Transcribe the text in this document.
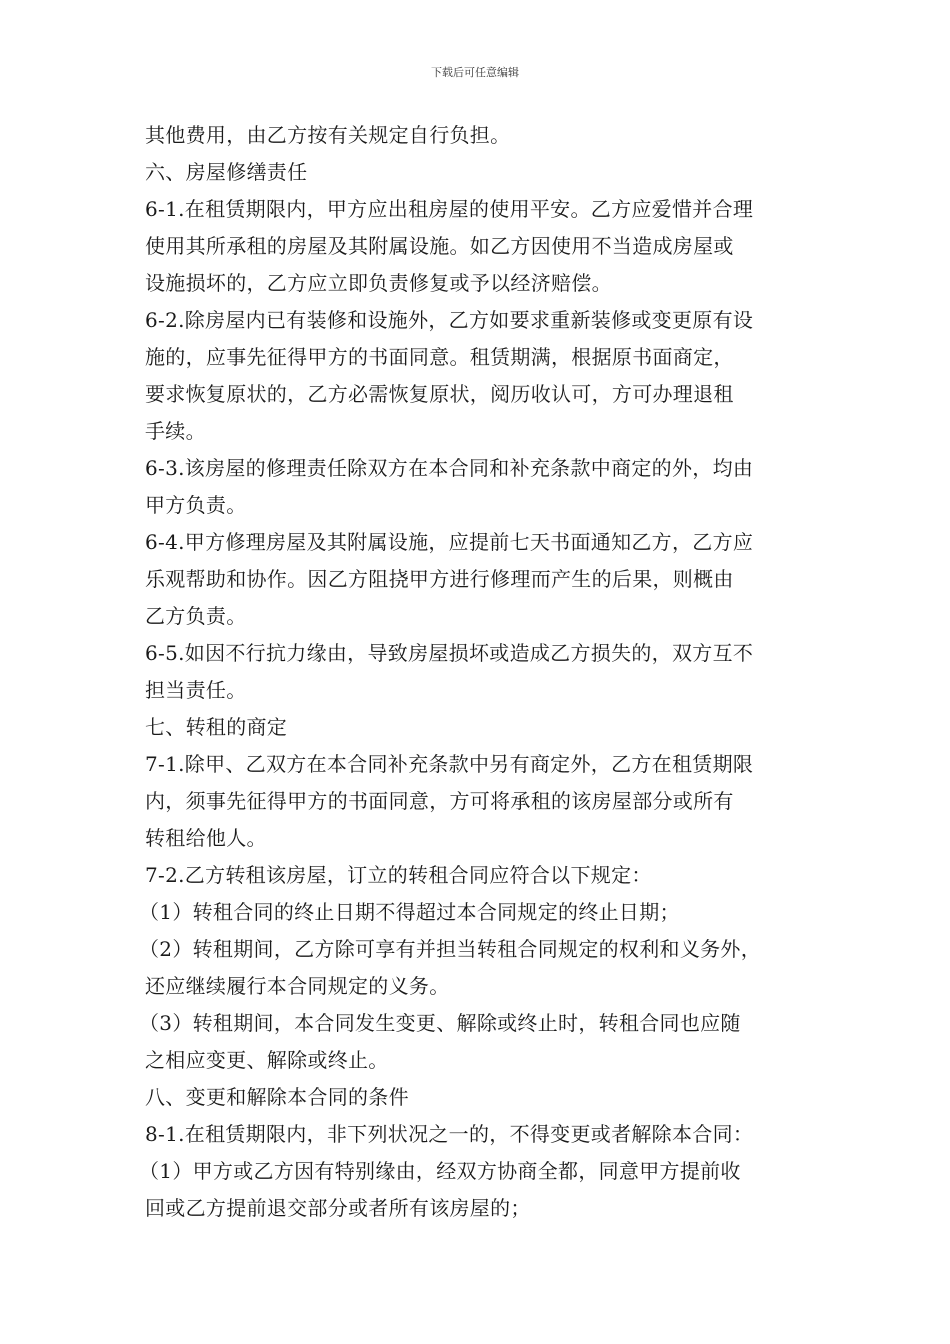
下载后可任意编辑
其他费用，由乙方按有关规定自行负担。
六、房屋修缮责任
6-1.在租赁期限内，甲方应出租房屋的使用平安。乙方应爱惜并合理
使用其所承租的房屋及其附属设施。如乙方因使用不当造成房屋或
设施损坏的，乙方应立即负责修复或予以经济赔偿。
6-2.除房屋内已有装修和设施外，乙方如要求重新装修或变更原有设
施的，应事先征得甲方的书面同意。租赁期满，根据原书面商定，
要求恢复原状的，乙方必需恢复原状，阅历收认可，方可办理退租
手续。
6-3.该房屋的修理责任除双方在本合同和补充条款中商定的外，均由
甲方负责。
6-4.甲方修理房屋及其附属设施，应提前七天书面通知乙方，乙方应
乐观帮助和协作。因乙方阻挠甲方进行修理而产生的后果，则概由
乙方负责。
6-5.如因不行抗力缘由，导致房屋损坏或造成乙方损失的，双方互不
担当责任。
七、转租的商定
7-1.除甲、乙双方在本合同补充条款中另有商定外，乙方在租赁期限
内，须事先征得甲方的书面同意，方可将承租的该房屋部分或所有
转租给他人。
7-2.乙方转租该房屋，订立的转租合同应符合以下规定：
（1）转租合同的终止日期不得超过本合同规定的终止日期；
（2）转租期间，乙方除可享有并担当转租合同规定的权利和义务外，
还应继续履行本合同规定的义务。
（3）转租期间，本合同发生变更、解除或终止时，转租合同也应随
之相应变更、解除或终止。
八、变更和解除本合同的条件
8-1.在租赁期限内，非下列状况之一的，不得变更或者解除本合同：
（1）甲方或乙方因有特别缘由，经双方协商全都，同意甲方提前收
回或乙方提前退交部分或者所有该房屋的；
